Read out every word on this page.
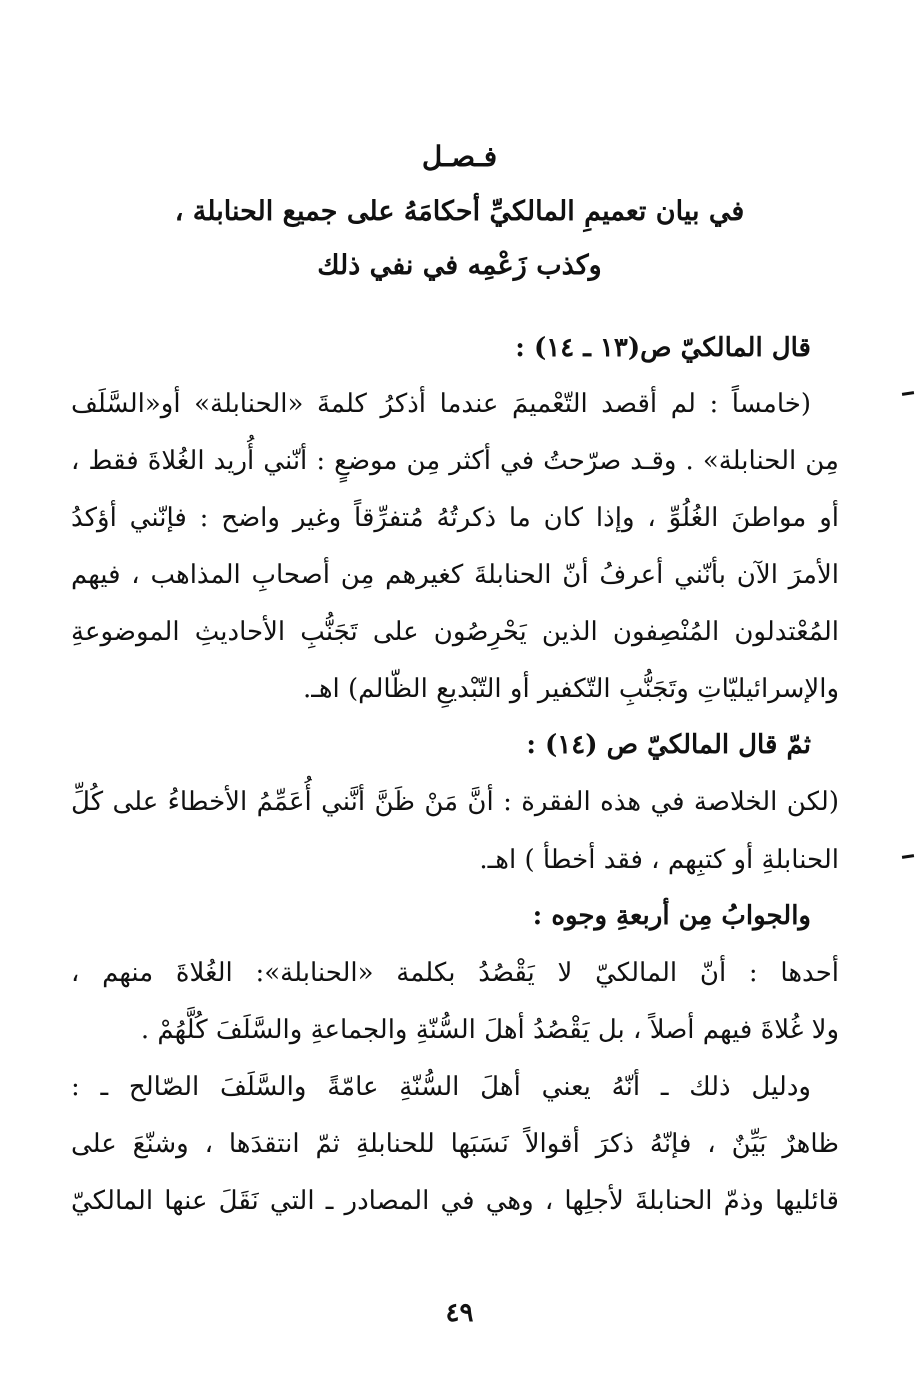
فـصـل
في بيان تعميمِ المالكيِّ أحكامَهُ على جميع الحنابلة ،
وكذب زَعْمِه في نفي ذلك
قال المالكيّ ص(١٣ ـ ١٤) :
(خامساً : لم أقصد التّعْميمَ عندما أذكرُ كلمةَ «الحنابلة» أو«السَّلَف
مِن الحنابلة» . وقـد صرّحتُ في أكثر مِن موضعٍ : أنّني أُريد الغُلاةَ فقط ،
أو مواطنَ الغُلُوِّ ، وإذا كان ما ذكرتُهُ مُتفرِّقاً وغير واضح : فإنّني أؤكدُ
الأمرَ الآن بأنّني أعرفُ أنّ الحنابلةَ كغيرهم مِن أصحابِ المذاهب ، فيهم
المُعْتدلون المُنْصِفون الذين يَحْرِصُون على تَجَنُّبِ الأحاديثِ الموضوعةِ
والإسرائيليّاتِ وتَجَنُّبِ التّكفير أو التّبْديعِ الظّالم) اهـ.
ثمّ قال المالكيّ ص (١٤) :
(لكن الخلاصة في هذه الفقرة : أنَّ مَنْ ظَنَّ أنَّني أُعَمِّمُ الأخطاءُ على كُلِّ
الحنابلةِ أو كتبِهم ، فقد أخطأ ) اهـ.
والجوابُ مِن أربعةِ وجوه :
أحدها : أنّ المالكيّ لا يَقْصُدُ بكلمة «الحنابلة»: الغُلاةَ منهم ،
ولا غُلاةَ فيهم أصلاً ، بل يَقْصُدُ أهلَ السُّنّةِ والجماعةِ والسَّلَفَ كُلَّهُمْ .
ودليل ذلك ـ أنّهُ يعني أهلَ السُّنّةِ عامّةً والسَّلَفَ الصّالح ـ :
ظاهرٌ بَيِّنٌ ، فإنّهُ ذكرَ أقوالاً نَسَبَها للحنابلةِ ثمّ انتقدَها ، وشنّعَ على
قائليها وذمّ الحنابلةَ لأجلِها ، وهي في المصادر ـ التي نَقَلَ عنها المالكيّ
٤٩
